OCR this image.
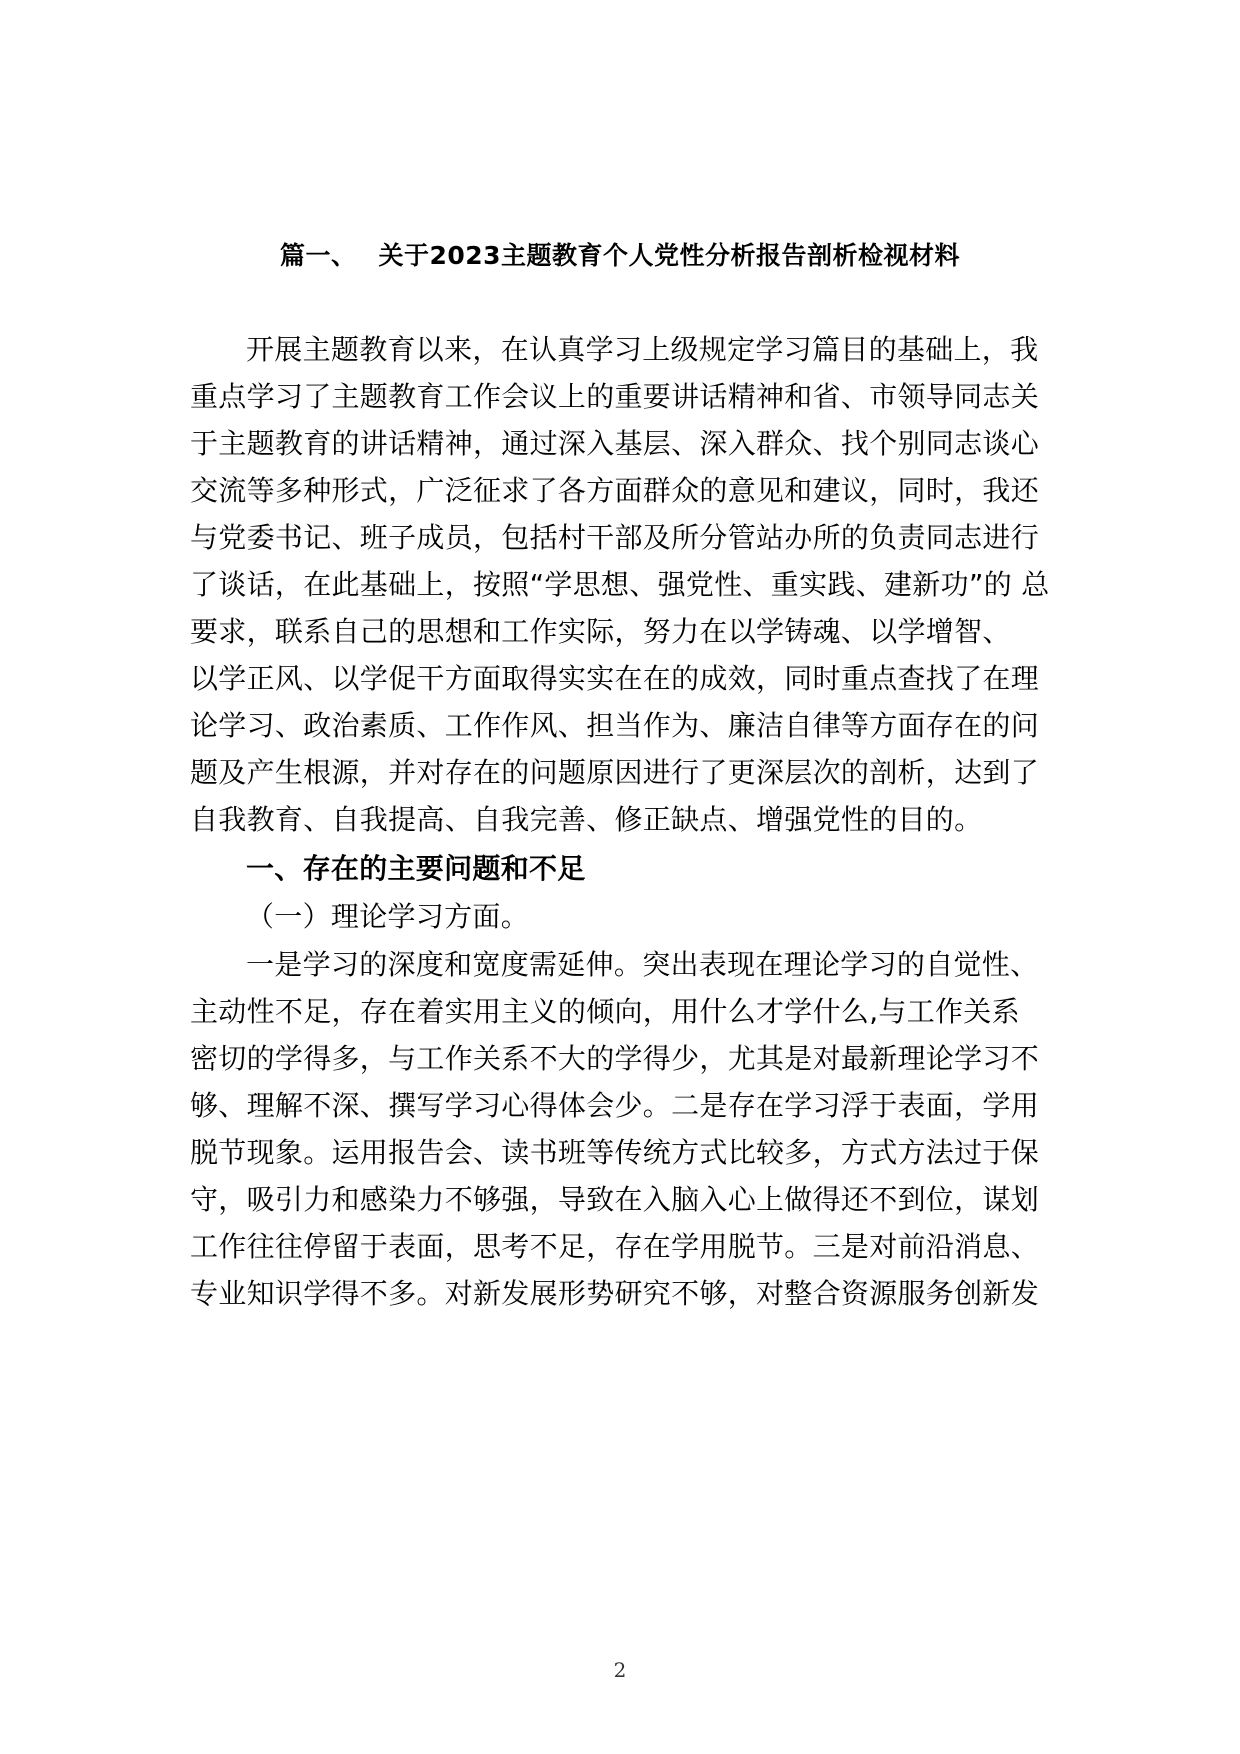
篇一、 关于2023主题教育个人党性分析报告剖析检视材料
开展主题教育以来，在认真学习上级规定学习篇目的基础上，我
重点学习了主题教育工作会议上的重要讲话精神和省、市领导同志关
于主题教育的讲话精神，通过深入基层、深入群众、找个别同志谈心
交流等多种形式，广泛征求了各方面群众的意见和建议，同时，我还
与党委书记、班子成员，包括村干部及所分管站办所的负责同志进行
了谈话，在此基础上，按照“学思想、强党性、重实践、建新功”的 总
要求，联系自己的思想和工作实际，努力在以学铸魂、以学增智、
以学正风、以学促干方面取得实实在在的成效，同时重点查找了在理
论学习、政治素质、工作作风、担当作为、廉洁自律等方面存在的问
题及产生根源，并对存在的问题原因进行了更深层次的剖析，达到了
自我教育、自我提高、自我完善、修正缺点、增强党性的目的。
一、存在的主要问题和不足
（一）理论学习方面。
一是学习的深度和宽度需延伸。突出表现在理论学习的自觉性、
主动性不足，存在着实用主义的倾向，用什么才学什么,与工作关系
密切的学得多，与工作关系不大的学得少，尤其是对最新理论学习不
够、理解不深、撰写学习心得体会少。二是存在学习浮于表面，学用
脱节现象。运用报告会、读书班等传统方式比较多，方式方法过于保
守，吸引力和感染力不够强，导致在入脑入心上做得还不到位，谋划
工作往往停留于表面，思考不足，存在学用脱节。三是对前沿消息、
专业知识学得不多。对新发展形势研究不够，对整合资源服务创新发
2
